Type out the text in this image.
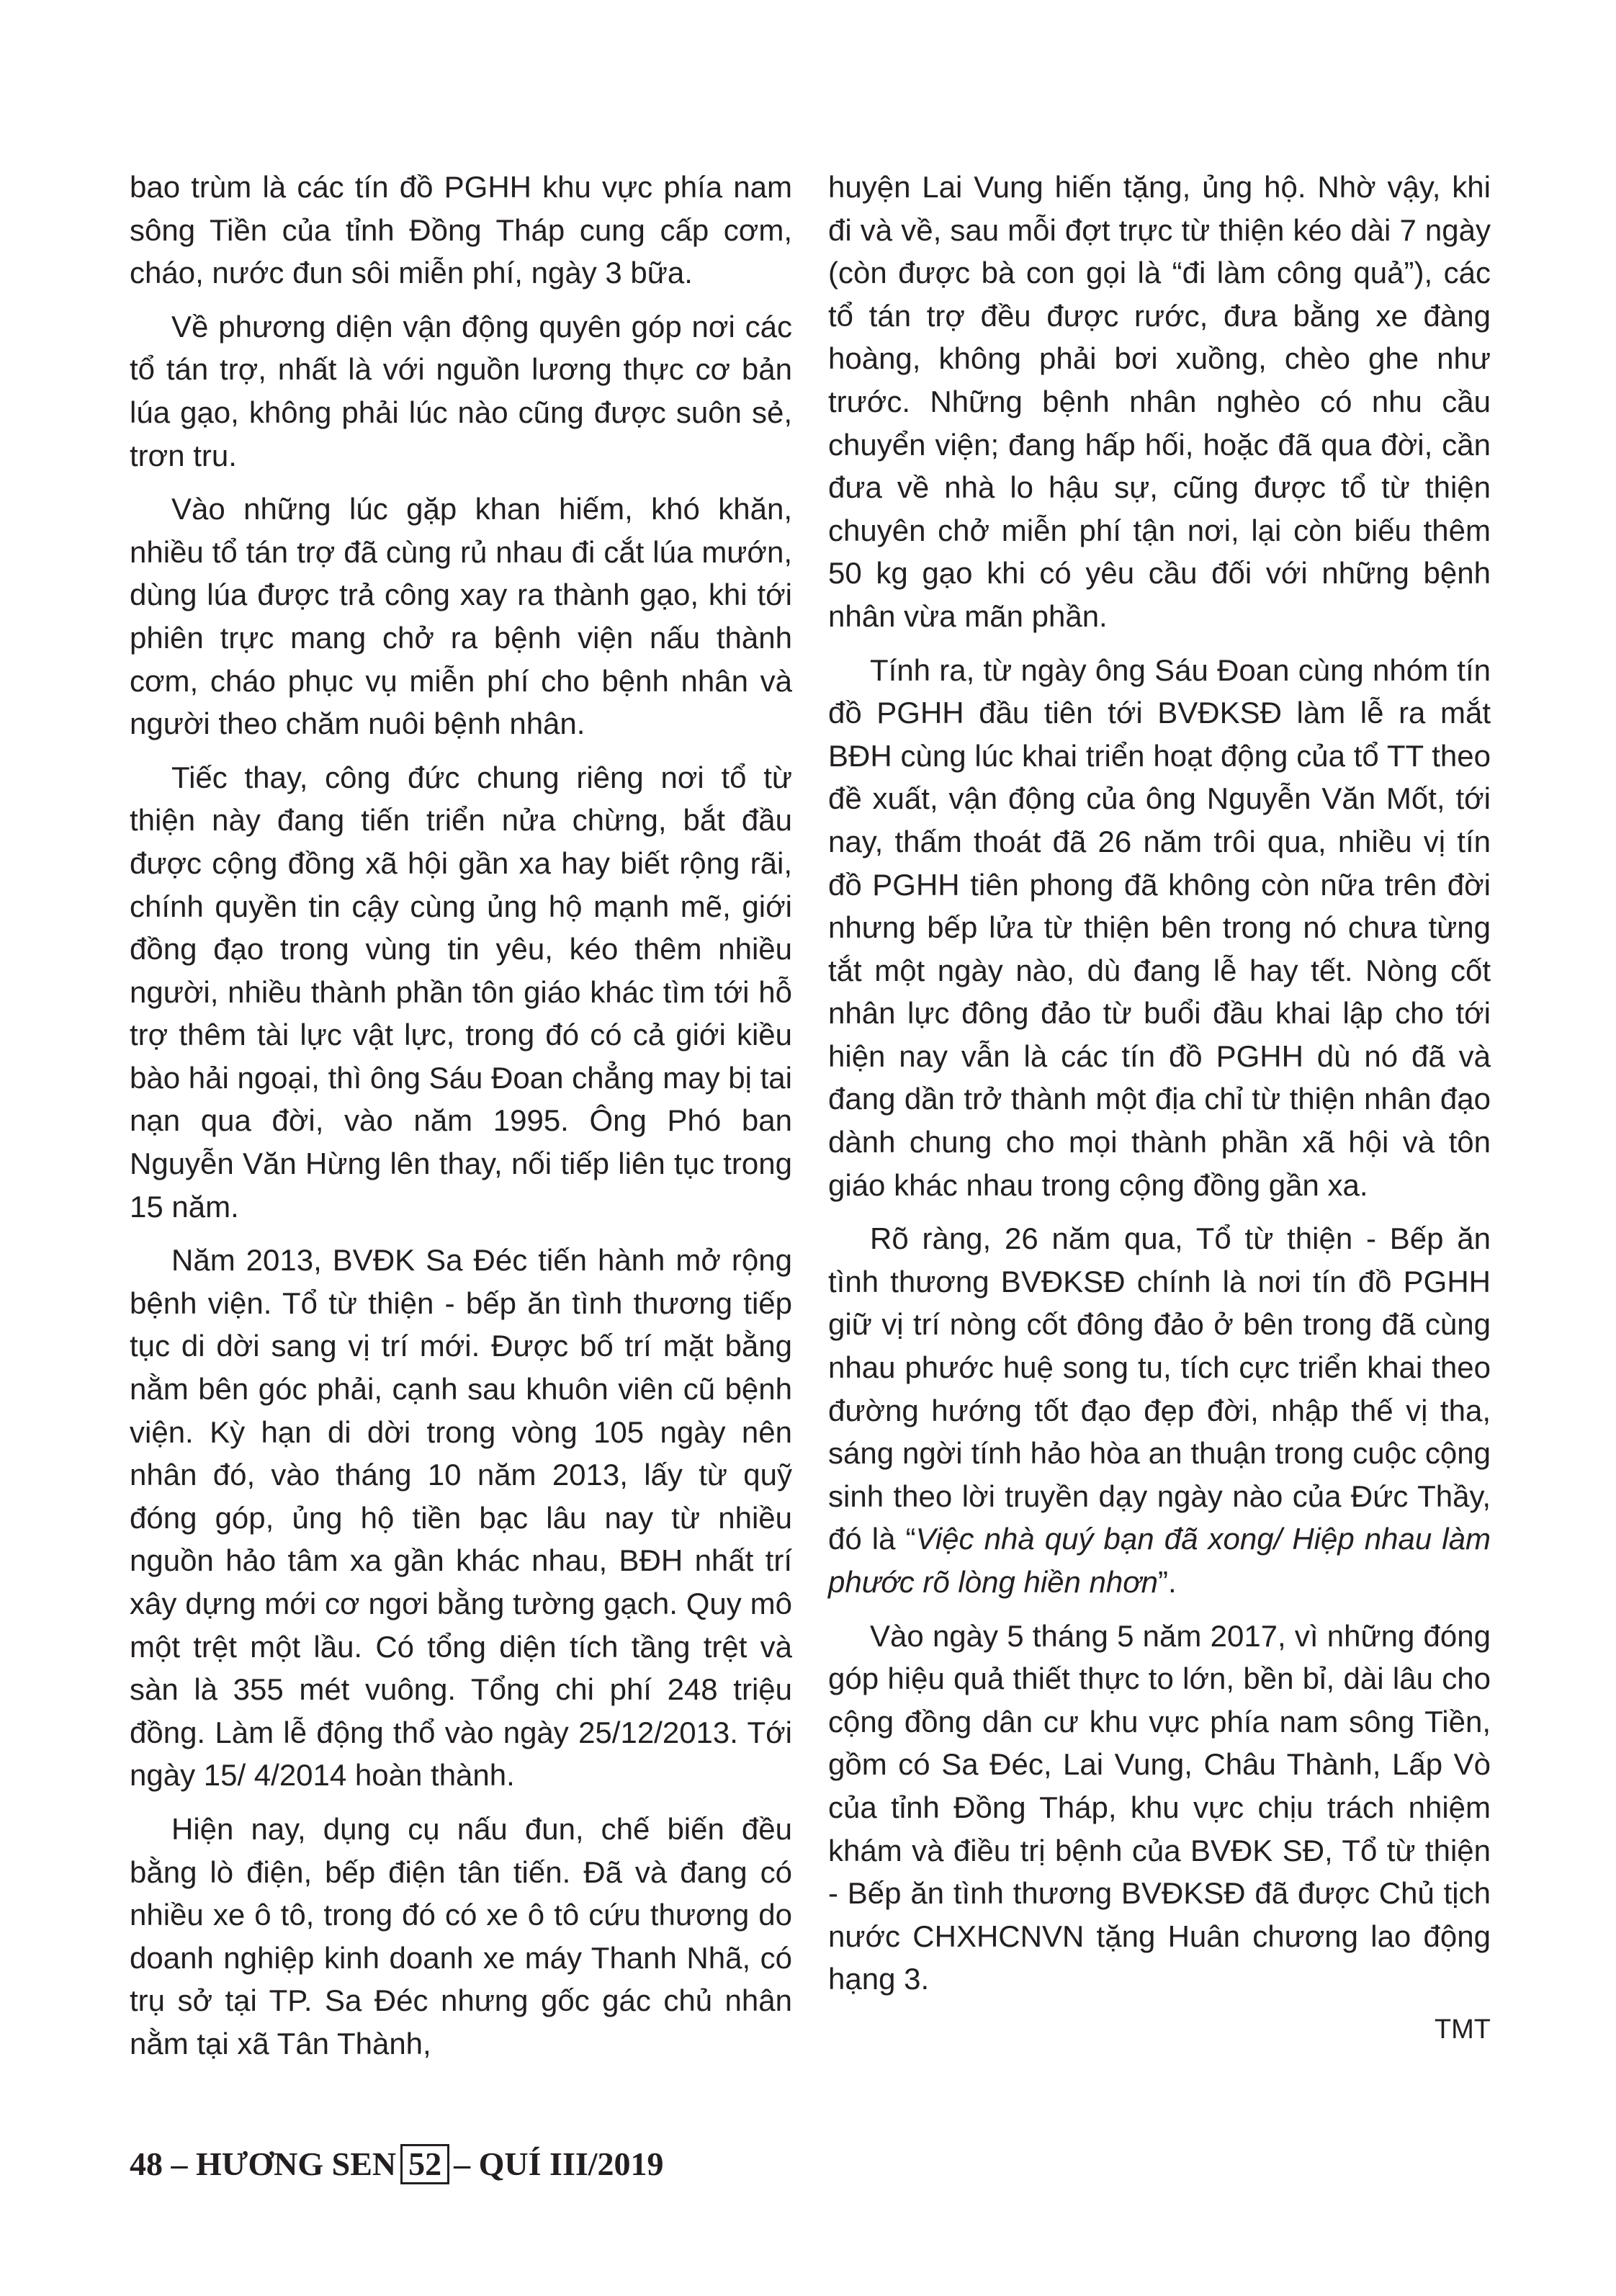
bao trùm là các tín đồ PGHH khu vực phía nam sông Tiền của tỉnh Đồng Tháp cung cấp cơm, cháo, nước đun sôi miễn phí, ngày 3 bữa.

Về phương diện vận động quyên góp nơi các tổ tán trợ, nhất là với nguồn lương thực cơ bản lúa gạo, không phải lúc nào cũng được suôn sẻ, trơn tru.

Vào những lúc gặp khan hiếm, khó khăn, nhiều tổ tán trợ đã cùng rủ nhau đi cắt lúa mướn, dùng lúa được trả công xay ra thành gạo, khi tới phiên trực mang chở ra bệnh viện nấu thành cơm, cháo phục vụ miễn phí cho bệnh nhân và người theo chăm nuôi bệnh nhân.

Tiếc thay, công đức chung riêng nơi tổ từ thiện này đang tiến triển nửa chừng, bắt đầu được cộng đồng xã hội gần xa hay biết rộng rãi, chính quyền tin cậy cùng ủng hộ mạnh mẽ, giới đồng đạo trong vùng tin yêu, kéo thêm nhiều người, nhiều thành phần tôn giáo khác tìm tới hỗ trợ thêm tài lực vật lực, trong đó có cả giới kiều bào hải ngoại, thì ông Sáu Đoan chẳng may bị tai nạn qua đời, vào năm 1995. Ông Phó ban Nguyễn Văn Hừng lên thay, nối tiếp liên tục trong 15 năm.

Năm 2013, BVĐK Sa Đéc tiến hành mở rộng bệnh viện. Tổ từ thiện - bếp ăn tình thương tiếp tục di dời sang vị trí mới. Được bố trí mặt bằng nằm bên góc phải, cạnh sau khuôn viên cũ bệnh viện. Kỳ hạn di dời trong vòng 105 ngày nên nhân đó, vào tháng 10 năm 2013, lấy từ quỹ đóng góp, ủng hộ tiền bạc lâu nay từ nhiều nguồn hảo tâm xa gần khác nhau, BĐH nhất trí xây dựng mới cơ ngơi bằng tường gạch. Quy mô một trệt một lầu. Có tổng diện tích tầng trệt và sàn là 355 mét vuông. Tổng chi phí 248 triệu đồng. Làm lễ động thổ vào ngày 25/12/2013. Tới ngày 15/ 4/2014 hoàn thành.

Hiện nay, dụng cụ nấu đun, chế biến đều bằng lò điện, bếp điện tân tiến. Đã và đang có nhiều xe ô tô, trong đó có xe ô tô cứu thương do doanh nghiệp kinh doanh xe máy Thanh Nhã, có trụ sở tại TP. Sa Đéc nhưng gốc gác chủ nhân nằm tại xã Tân Thành,

huyện Lai Vung hiến tặng, ủng hộ. Nhờ vậy, khi đi và về, sau mỗi đợt trực từ thiện kéo dài 7 ngày (còn được bà con gọi là “đi làm công quả”), các tổ tán trợ đều được rước, đưa bằng xe đàng hoàng, không phải bơi xuồng, chèo ghe như trước. Những bệnh nhân nghèo có nhu cầu chuyển viện; đang hấp hối, hoặc đã qua đời, cần đưa về nhà lo hậu sự, cũng được tổ từ thiện chuyên chở miễn phí tận nơi, lại còn biếu thêm 50 kg gạo khi có yêu cầu đối với những bệnh nhân vừa mãn phần.

Tính ra, từ ngày ông Sáu Đoan cùng nhóm tín đồ PGHH đầu tiên tới BVĐKSĐ làm lễ ra mắt BĐH cùng lúc khai triển hoạt động của tổ TT theo đề xuất, vận động của ông Nguyễn Văn Mốt, tới nay, thấm thoát đã 26 năm trôi qua, nhiều vị tín đồ PGHH tiên phong đã không còn nữa trên đời nhưng bếp lửa từ thiện bên trong nó chưa từng tắt một ngày nào, dù đang lễ hay tết. Nòng cốt nhân lực đông đảo từ buổi đầu khai lập cho tới hiện nay vẫn là các tín đồ PGHH dù nó đã và đang dần trở thành một địa chỉ từ thiện nhân đạo dành chung cho mọi thành phần xã hội và tôn giáo khác nhau trong cộng đồng gần xa.

Rõ ràng, 26 năm qua, Tổ từ thiện - Bếp ăn tình thương BVĐKSĐ chính là nơi tín đồ PGHH giữ vị trí nòng cốt đông đảo ở bên trong đã cùng nhau phước huệ song tu, tích cực triển khai theo đường hướng tốt đạo đẹp đời, nhập thế vị tha, sáng ngời tính hảo hòa an thuận trong cuộc cộng sinh theo lời truyền dạy ngày nào của Đức Thầy, đó là “Việc nhà quý bạn đã xong/ Hiệp nhau làm phước rõ lòng hiền nhơn”.

Vào ngày 5 tháng 5 năm 2017, vì những đóng góp hiệu quả thiết thực to lớn, bền bỉ, dài lâu cho cộng đồng dân cư khu vực phía nam sông Tiền, gồm có Sa Đéc, Lai Vung, Châu Thành, Lấp Vò của tỉnh Đồng Tháp, khu vực chịu trách nhiệm khám và điều trị bệnh của BVĐK SĐ, Tổ từ thiện - Bếp ăn tình thương BVĐKSĐ đã được Chủ tịch nước CHXHCNVN tặng Huân chương lao động hạng 3.

TMT
48 – HƯƠNG SEN 52 – QUÍ III/2019
